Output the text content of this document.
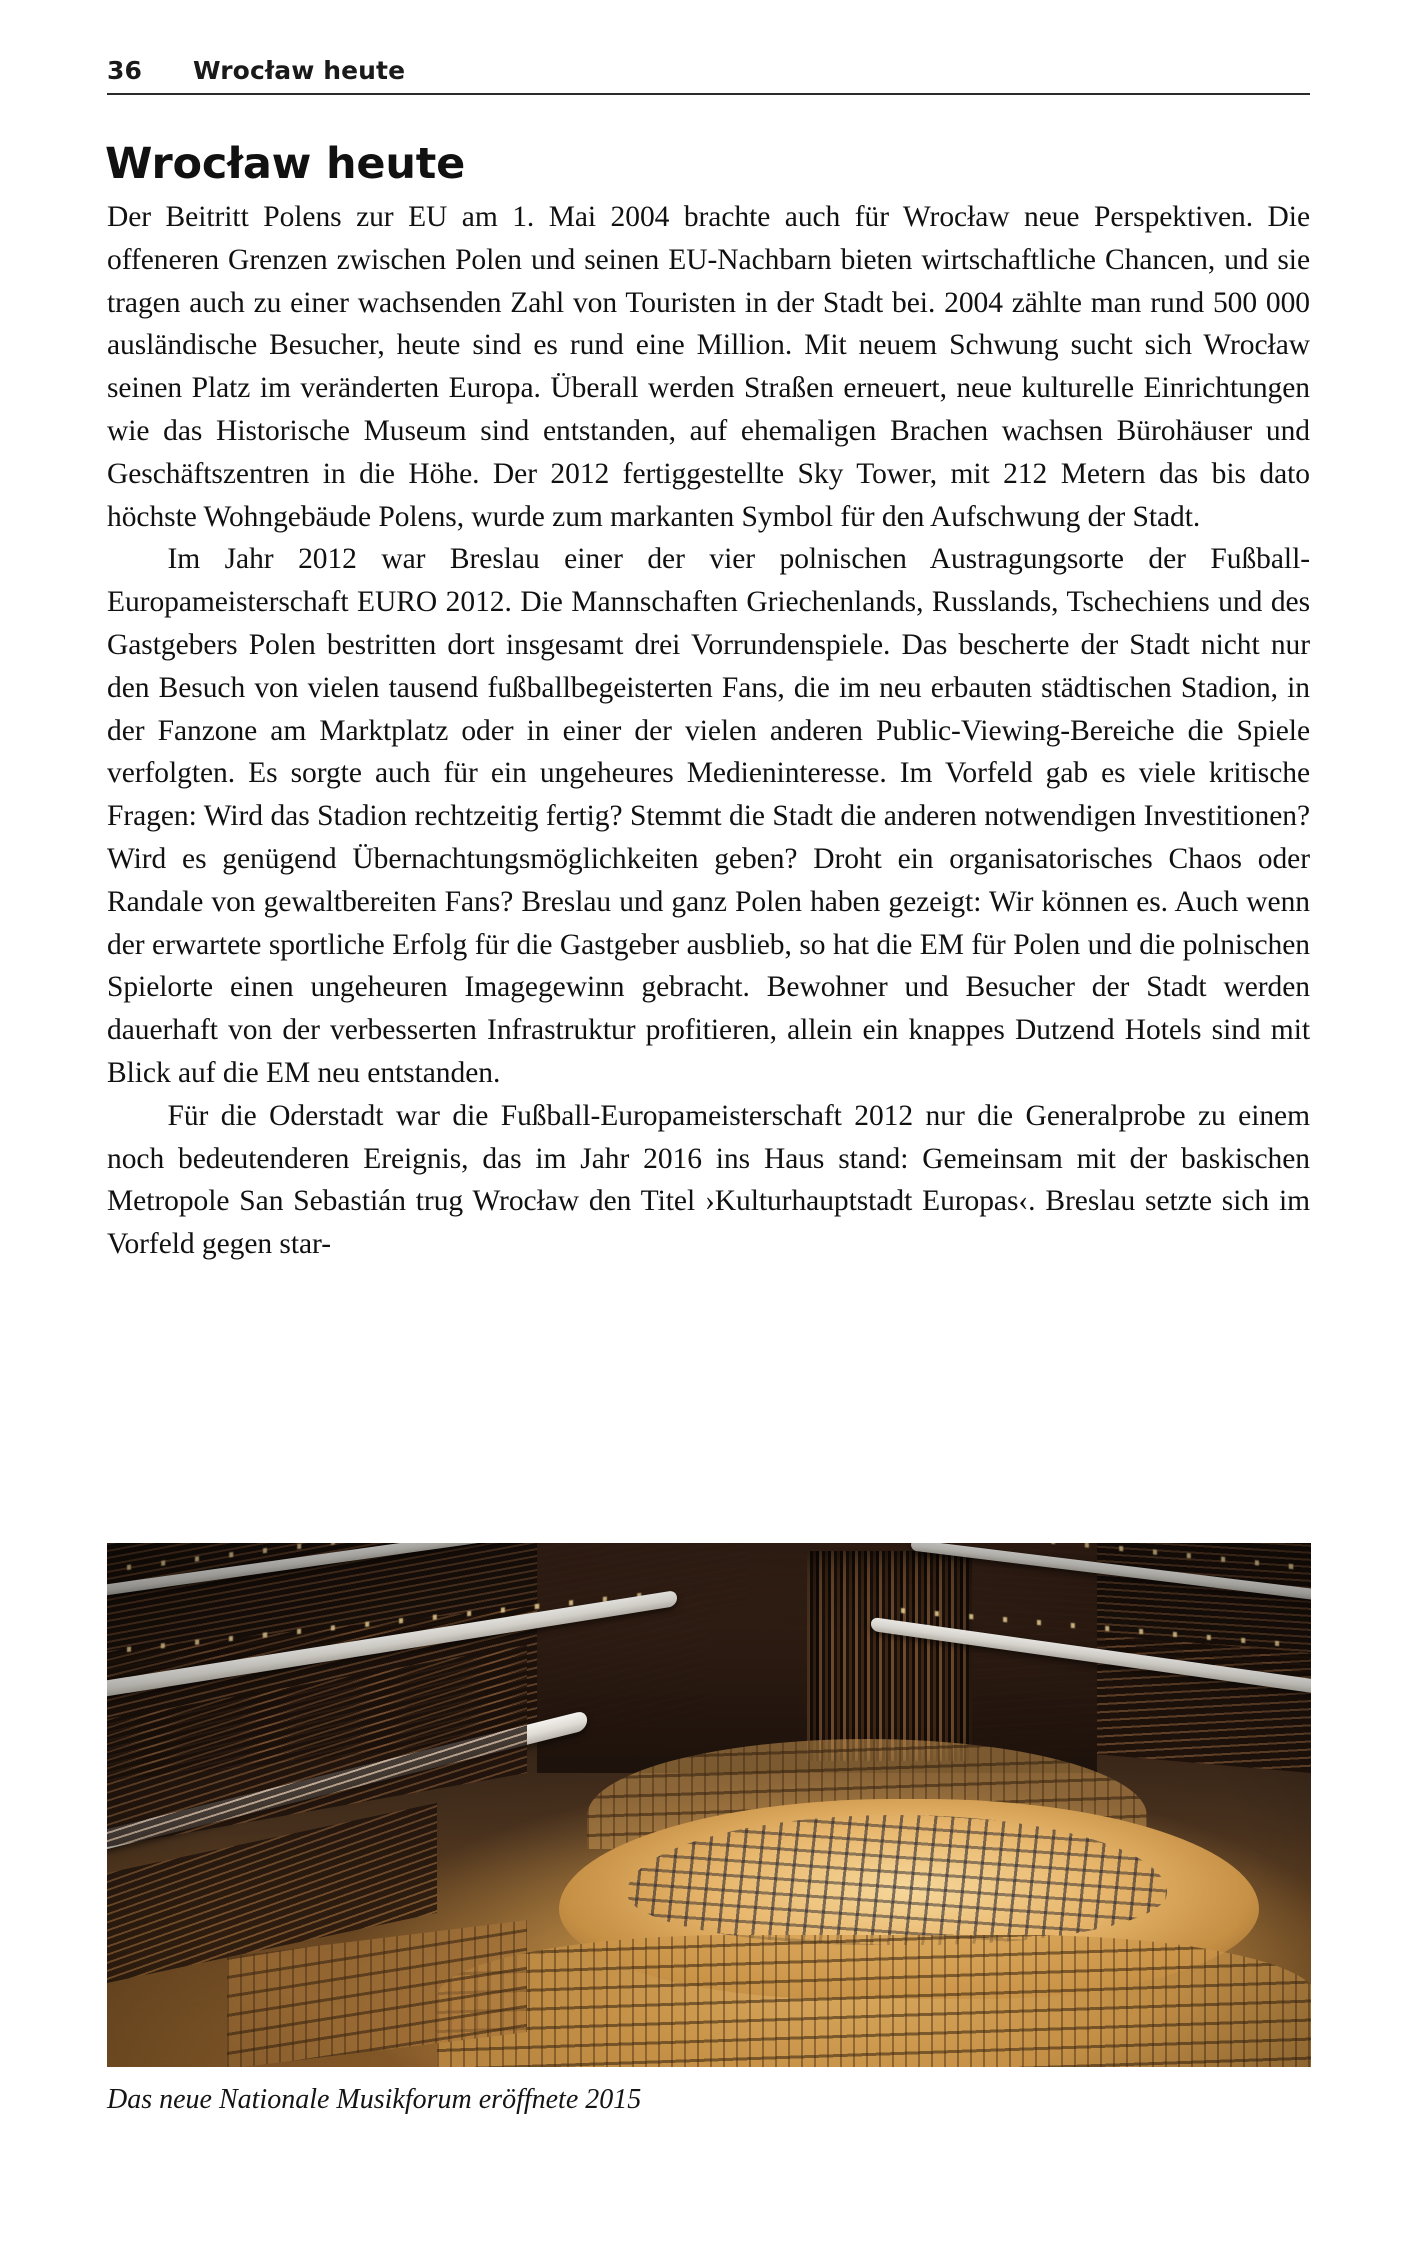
36	Wrocław heute
Wrocław heute

Der Beitritt Polens zur EU am 1. Mai 2004 brachte auch für Wrocław neue Perspektiven. Die offeneren Grenzen zwischen Polen und seinen EU-Nachbarn bieten wirtschaftliche Chancen, und sie tragen auch zu einer wachsenden Zahl von Touristen in der Stadt bei. 2004 zählte man rund 500 000 ausländische Besucher, heute sind es rund eine Million. Mit neuem Schwung sucht sich Wrocław seinen Platz im veränderten Europa. Überall werden Straßen erneuert, neue kulturelle Einrichtungen wie das Historische Museum sind entstanden, auf ehemaligen Brachen wachsen Bürohäuser und Geschäftszentren in die Höhe. Der 2012 fertiggestellte Sky Tower, mit 212 Metern das bis dato höchste Wohngebäude Polens, wurde zum markanten Symbol für den Aufschwung der Stadt.

Im Jahr 2012 war Breslau einer der vier polnischen Austragungsorte der Fußball-Europameisterschaft EURO 2012. Die Mannschaften Griechenlands, Russlands, Tschechiens und des Gastgebers Polen bestritten dort insgesamt drei Vorrundenspiele. Das bescherte der Stadt nicht nur den Besuch von vielen tausend fußballbegeisterten Fans, die im neu erbauten städtischen Stadion, in der Fanzone am Marktplatz oder in einer der vielen anderen Public-Viewing-Bereiche die Spiele verfolgten. Es sorgte auch für ein ungeheures Medieninteresse. Im Vorfeld gab es viele kritische Fragen: Wird das Stadion rechtzeitig fertig? Stemmt die Stadt die anderen notwendigen Investitionen? Wird es genügend Übernachtungsmöglichkeiten geben? Droht ein organisatorisches Chaos oder Randale von gewaltbereiten Fans? Breslau und ganz Polen haben gezeigt: Wir können es. Auch wenn der erwartete sportliche Erfolg für die Gastgeber ausblieb, so hat die EM für Polen und die polnischen Spielorte einen ungeheuren Imagegewinn gebracht. Bewohner und Besucher der Stadt werden dauerhaft von der verbesserten Infrastruktur profitieren, allein ein knappes Dutzend Hotels sind mit Blick auf die EM neu entstanden.

Für die Oderstadt war die Fußball-Europameisterschaft 2012 nur die Generalprobe zu einem noch bedeutenderen Ereignis, das im Jahr 2016 ins Haus stand: Gemeinsam mit der baskischen Metropole San Sebastián trug Wrocław den Titel ›Kulturhauptstadt Europas‹. Breslau setzte sich im Vorfeld gegen star-

Das neue Nationale Musikforum eröffnete 2015
